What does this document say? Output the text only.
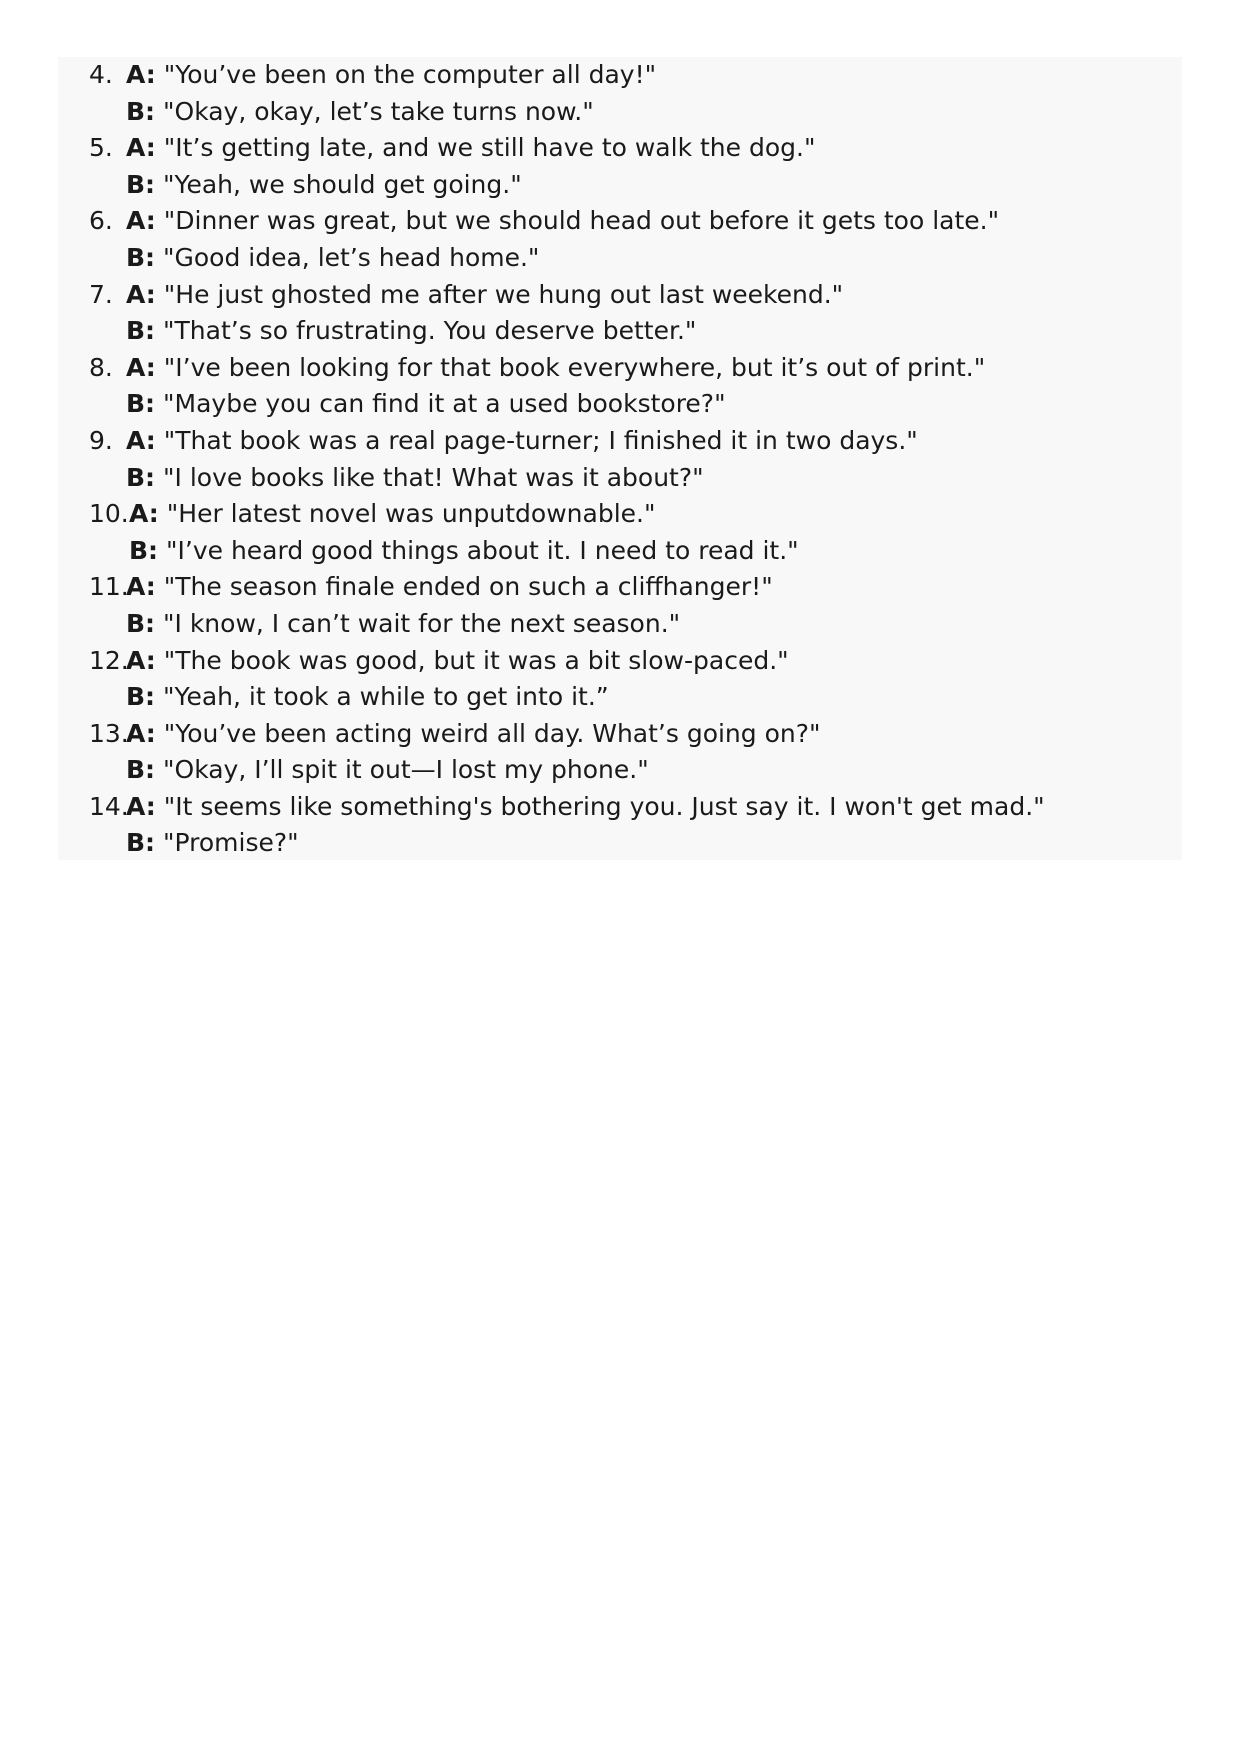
4. A: "You’ve been on the computer all day!"
B: "Okay, okay, let’s take turns now."
5. A: "It’s getting late, and we still have to walk the dog."
B: "Yeah, we should get going."
6. A: "Dinner was great, but we should head out before it gets too late."
B: "Good idea, let’s head home."
7. A: "He just ghosted me after we hung out last weekend."
B: "That’s so frustrating. You deserve better."
8. A: "I’ve been looking for that book everywhere, but it’s out of print."
B: "Maybe you can find it at a used bookstore?"
9. A: "That book was a real page-turner; I finished it in two days."
B: "I love books like that! What was it about?"
10. A: "Her latest novel was unputdownable."
B: "I’ve heard good things about it. I need to read it."
11.
A: "The season finale ended on such a cliffhanger!"
B: "I know, I can’t wait for the next season."
12.
A: "The book was good, but it was a bit slow-paced."
B: "Yeah, it took a while to get into it.”
13.
A: "You’ve been acting weird all day. What’s going on?"
B: "Okay, I’ll spit it out—I lost my phone."
14.
A: "It seems like something's bothering you. Just say it. I won't get mad."
B: "Promise?"
